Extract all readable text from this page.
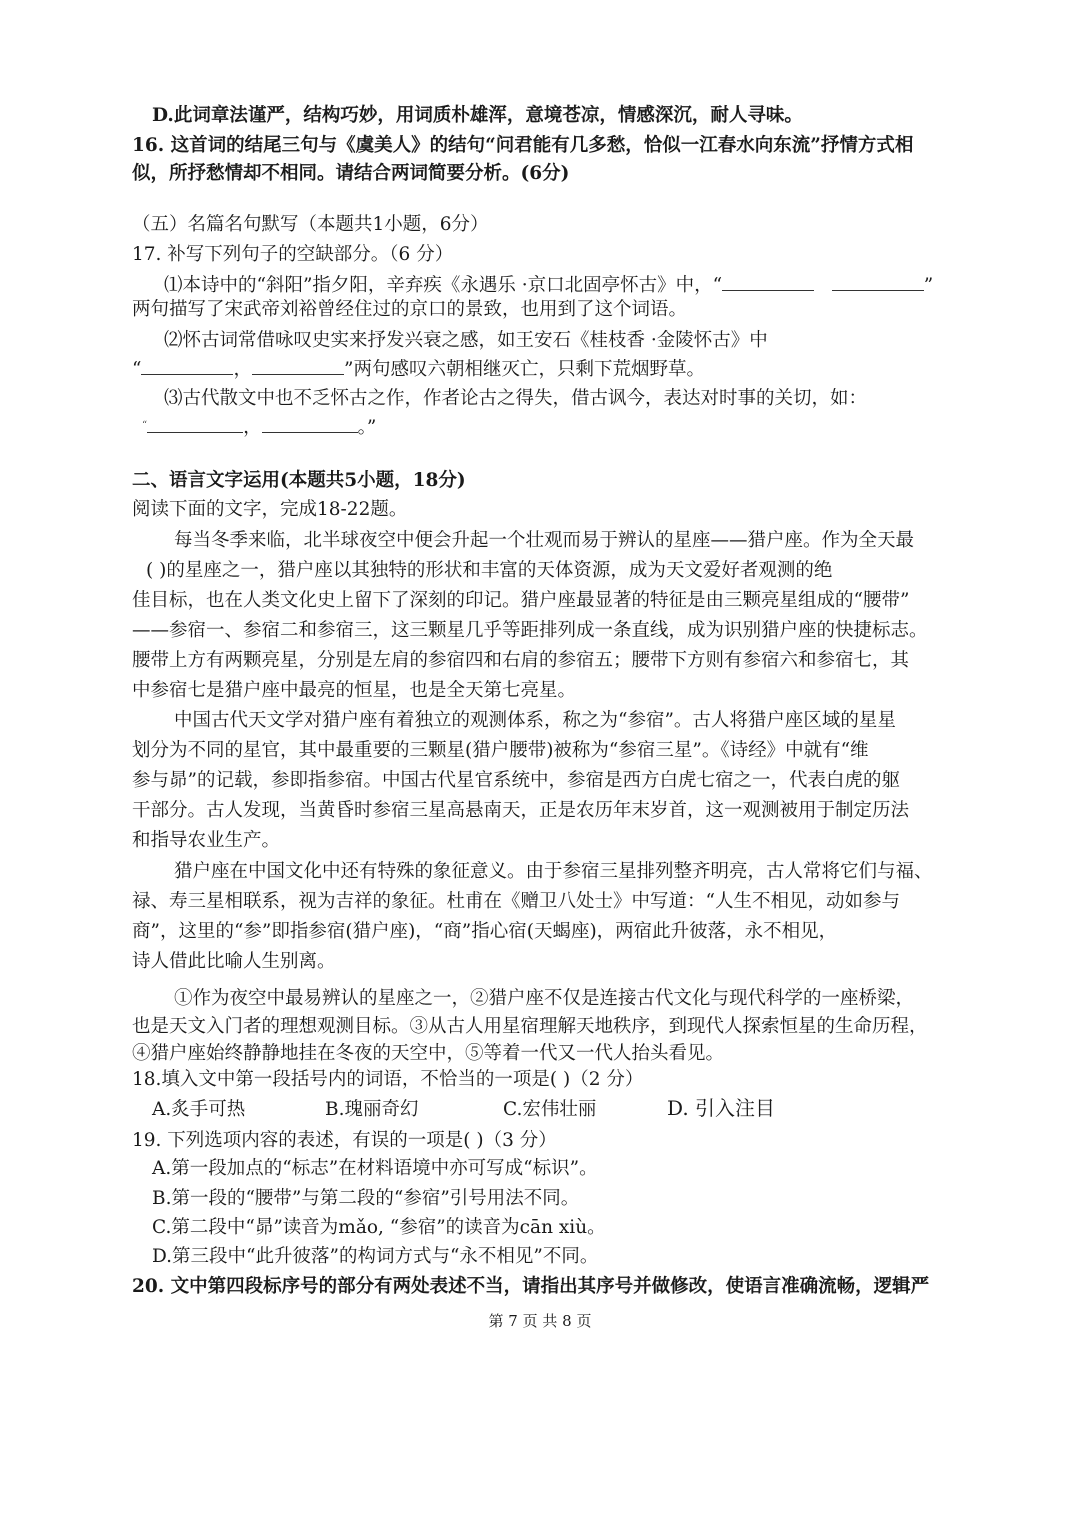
D.此词章法谨严，结构巧妙，用词质朴雄浑，意境苍凉，情感深沉，耐人寻味。
16. 这首词的结尾三句与《虞美人》的结句“问君能有几多愁，恰似一江春水向东流”抒情方式相
似，所抒愁情却不相同。请结合两词简要分析。(6分)
（五）名篇名句默写（本题共1小题，6分）
17. 补写下列句子的空缺部分。（6 分）
⑴本诗中的“斜阳”指夕阳，辛弃疾《永遇乐 ·京口北固亭怀古》中，“	”
两句描写了宋武帝刘裕曾经住过的京口的景致，也用到了这个词语。
⑵怀古词常借咏叹史实来抒发兴衰之感，如王安石《桂枝香 ·金陵怀古》中
“	，	”两句感叹六朝相继灭亡，只剩下荒烟野草。
⑶古代散文中也不乏怀古之作，作者论古之得失，借古讽今，表达对时事的关切，如：
“	，	。”
二、语言文字运用(本题共5小题，18分)
阅读下面的文字，完成18-22题。
每当冬季来临，北半球夜空中便会升起一个壮观而易于辨认的星座——猎户座。作为全天最
( )的星座之一，猎户座以其独特的形状和丰富的天体资源，成为天文爱好者观测的绝
佳目标，也在人类文化史上留下了深刻的印记。猎户座最显著的特征是由三颗亮星组成的“腰带”
——参宿一、参宿二和参宿三，这三颗星几乎等距排列成一条直线，成为识别猎户座的快捷标志。
腰带上方有两颗亮星，分别是左肩的参宿四和右肩的参宿五；腰带下方则有参宿六和参宿七，其
中参宿七是猎户座中最亮的恒星，也是全天第七亮星。
中国古代天文学对猎户座有着独立的观测体系，称之为“参宿”。古人将猎户座区域的星星
划分为不同的星官，其中最重要的三颗星(猎户腰带)被称为“参宿三星”。《诗经》中就有“维
参与昴”的记载，参即指参宿。中国古代星官系统中，参宿是西方白虎七宿之一，代表白虎的躯
干部分。古人发现，当黄昏时参宿三星高悬南天，正是农历年末岁首，这一观测被用于制定历法
和指导农业生产。
猎户座在中国文化中还有特殊的象征意义。由于参宿三星排列整齐明亮，古人常将它们与福、
禄、寿三星相联系，视为吉祥的象征。杜甫在《赠卫八处士》中写道：“人生不相见，动如参与
商”，这里的“参”即指参宿(猎户座)，“商”指心宿(天蝎座)，两宿此升彼落，永不相见，
诗人借此比喻人生别离。
①作为夜空中最易辨认的星座之一，②猎户座不仅是连接古代文化与现代科学的一座桥梁，
也是天文入门者的理想观测目标。③从古人用星宿理解天地秩序，到现代人探索恒星的生命历程，
④猎户座始终静静地挂在冬夜的天空中，⑤等着一代又一代人抬头看见。
18.填入文中第一段括号内的词语，不恰当的一项是( )（2 分）
A.炙手可热	B.瑰丽奇幻	C.宏伟壮丽	D. 引入注目
19. 下列选项内容的表述，有误的一项是( )（3 分）
A.第一段加点的“标志”在材料语境中亦可写成“标识”。
B.第一段的“腰带”与第二段的“参宿”引号用法不同。
C.第二段中“昴”读音为mǎo, “参宿”的读音为cān xiù。
D.第三段中“此升彼落”的构词方式与“永不相见”不同。
20. 文中第四段标序号的部分有两处表述不当，请指出其序号并做修改，使语言准确流畅，逻辑严
第 7 页 共 8 页
